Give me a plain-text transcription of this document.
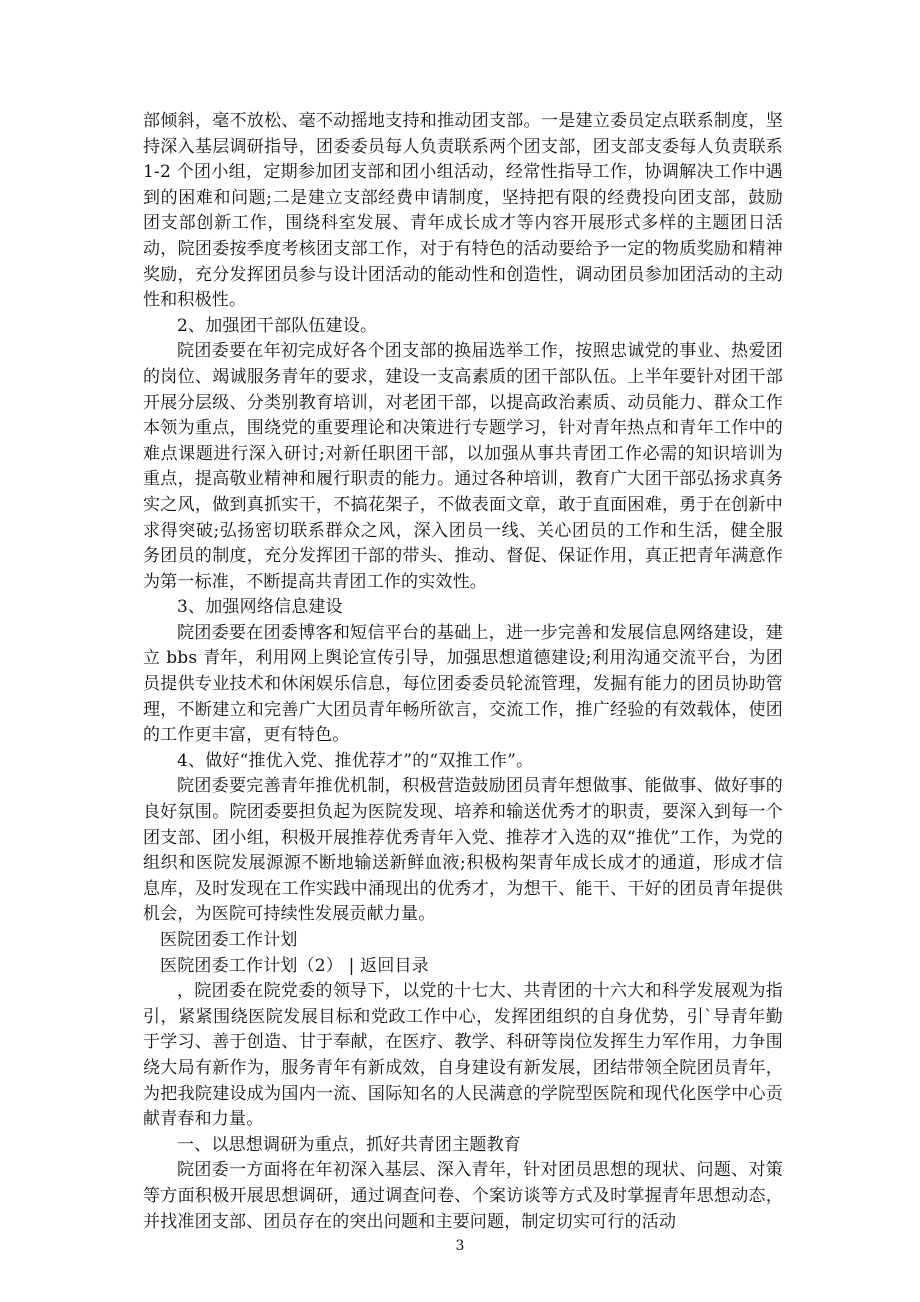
部倾斜，毫不放松、毫不动摇地支持和推动团支部。一是建立委员定点联系制度，坚持深入基层调研指导，团委委员每人负责联系两个团支部，团支部支委每人负责联系 1-2 个团小组，定期参加团支部和团小组活动，经常性指导工作，协调解决工作中遇到的困难和问题;二是建立支部经费申请制度，坚持把有限的经费投向团支部，鼓励团支部创新工作，围绕科室发展、青年成长成才等内容开展形式多样的主题团日活动，院团委按季度考核团支部工作，对于有特色的活动要给予一定的物质奖励和精神奖励，充分发挥团员参与设计团活动的能动性和创造性，调动团员参加团活动的主动性和积极性。

2、加强团干部队伍建设。

院团委要在年初完成好各个团支部的换届选举工作，按照忠诚党的事业、热爱团的岗位、竭诚服务青年的要求，建设一支高素质的团干部队伍。上半年要针对团干部开展分层级、分类别教育培训，对老团干部，以提高政治素质、动员能力、群众工作本领为重点，围绕党的重要理论和决策进行专题学习，针对青年热点和青年工作中的难点课题进行深入研讨;对新任职团干部，以加强从事共青团工作必需的知识培训为重点，提高敬业精神和履行职责的能力。通过各种培训，教育广大团干部弘扬求真务实之风，做到真抓实干，不搞花架子，不做表面文章，敢于直面困难，勇于在创新中求得突破;弘扬密切联系群众之风，深入团员一线、关心团员的工作和生活，健全服务团员的制度，充分发挥团干部的带头、推动、督促、保证作用，真正把青年满意作为第一标准，不断提高共青团工作的实效性。

3、加强网络信息建设

院团委要在团委博客和短信平台的基础上，进一步完善和发展信息网络建设，建立 bbs 青年，利用网上舆论宣传引导，加强思想道德建设;利用沟通交流平台，为团员提供专业技术和休闲娱乐信息，每位团委委员轮流管理，发掘有能力的团员协助管理，不断建立和完善广大团员青年畅所欲言，交流工作，推广经验的有效载体，使团的工作更丰富，更有特色。

4、做好“推优入党、推优荐才”的“双推工作”。

院团委要完善青年推优机制，积极营造鼓励团员青年想做事、能做事、做好事的良好氛围。院团委要担负起为医院发现、培养和输送优秀才的职责，要深入到每一个团支部、团小组，积极开展推荐优秀青年入党、推荐才入选的双“推优”工作，为党的组织和医院发展源源不断地输送新鲜血液;积极构架青年成长成才的通道，形成才信息库，及时发现在工作实践中涌现出的优秀才，为想干、能干、干好的团员青年提供机会，为医院可持续性发展贡献力量。

医院团委工作计划

医院团委工作计划（2） | 返回目录

，院团委在院党委的领导下，以党的十七大、共青团的十六大和科学发展观为指引，紧紧围绕医院发展目标和党政工作中心，发挥团组织的自身优势，引`导青年勤于学习、善于创造、甘于奉献，在医疗、教学、科研等岗位发挥生力军作用，力争围绕大局有新作为，服务青年有新成效，自身建设有新发展，团结带领全院团员青年，为把我院建设成为国内一流、国际知名的人民满意的学院型医院和现代化医学中心贡献青春和力量。

一、以思想调研为重点，抓好共青团主题教育

院团委一方面将在年初深入基层、深入青年，针对团员思想的现状、问题、对策等方面积极开展思想调研，通过调查问卷、个案访谈等方式及时掌握青年思想动态，并找准团支部、团员存在的突出问题和主要问题，制定切实可行的活动

3
